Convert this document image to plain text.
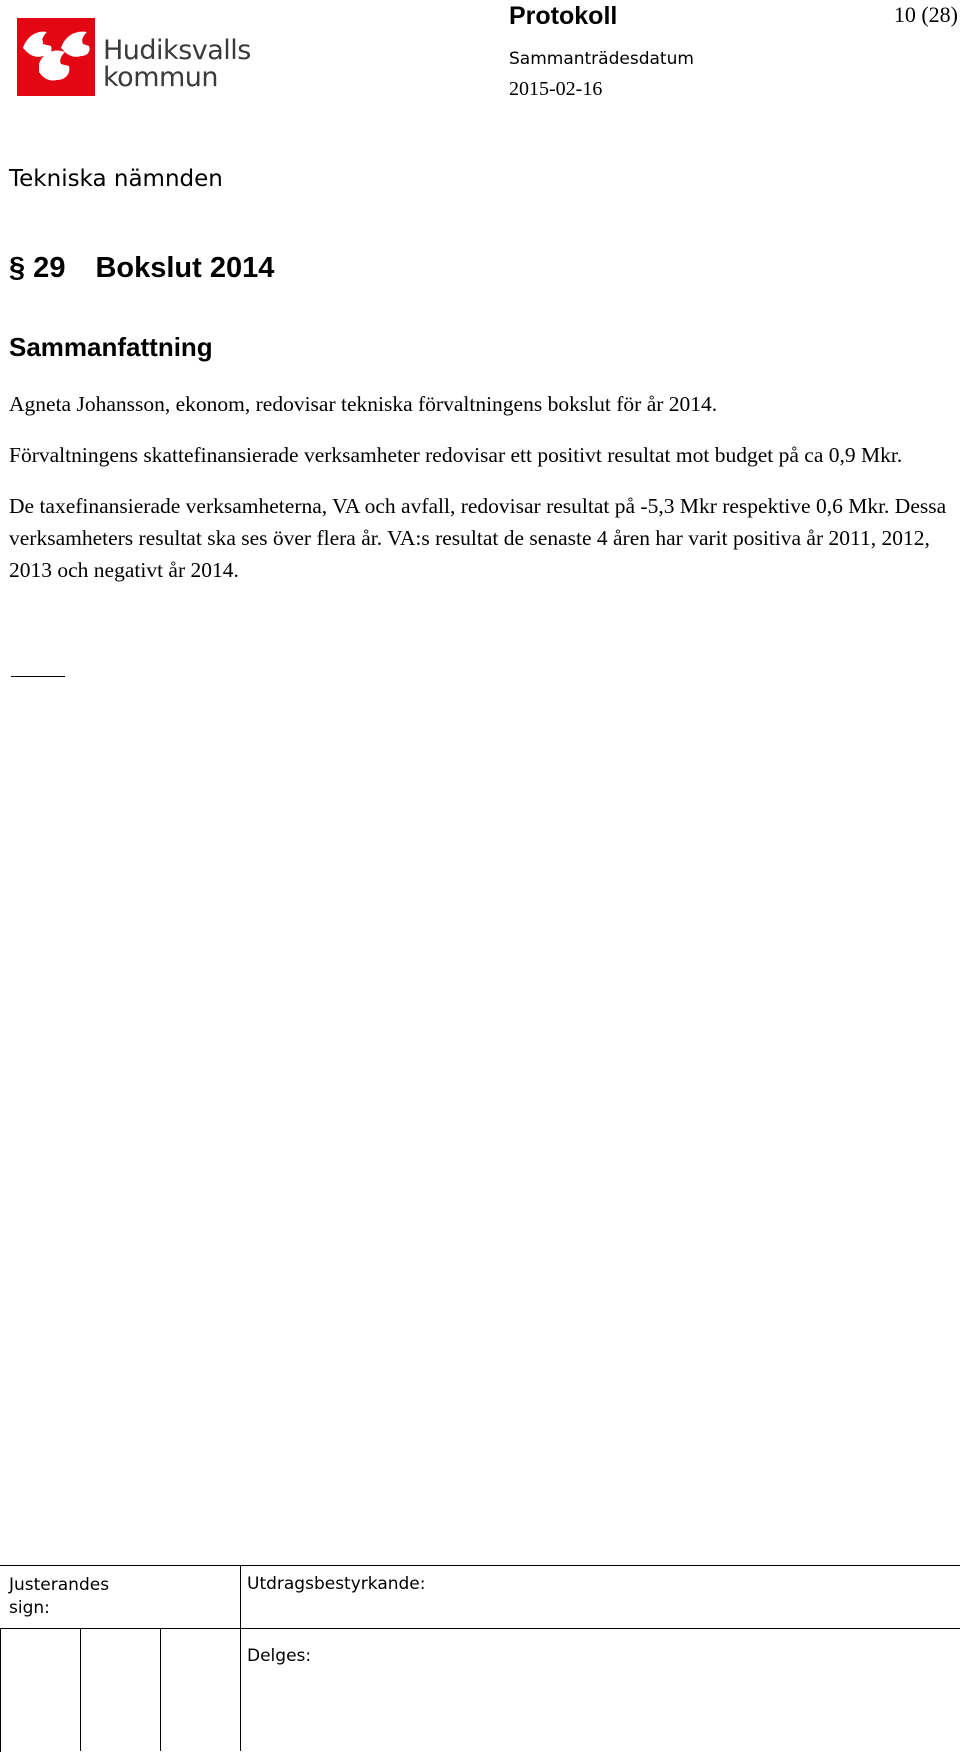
Hudiksvalls
kommun
Protokoll	10 (28)
Sammanträdesdatum
2015-02-16
Tekniska nämnden
§ 29 Bokslut 2014
Sammanfattning

Agneta Johansson, ekonom, redovisar tekniska förvaltningens bokslut för år 2014.

Förvaltningens skattefinansierade verksamheter redovisar ett positivt resultat mot budget på ca 0,9 Mkr.

De taxefinansierade verksamheterna, VA och avfall, redovisar resultat på -5,3 Mkr respektive 0,6 Mkr. Dessa verksamheters resultat ska ses över flera år. VA:s resultat de senaste 4 åren har varit positiva år 2011, 2012, 2013 och negativt år 2014.

Justerandes
sign:
Utdragsbestyrkande:
Delges:
